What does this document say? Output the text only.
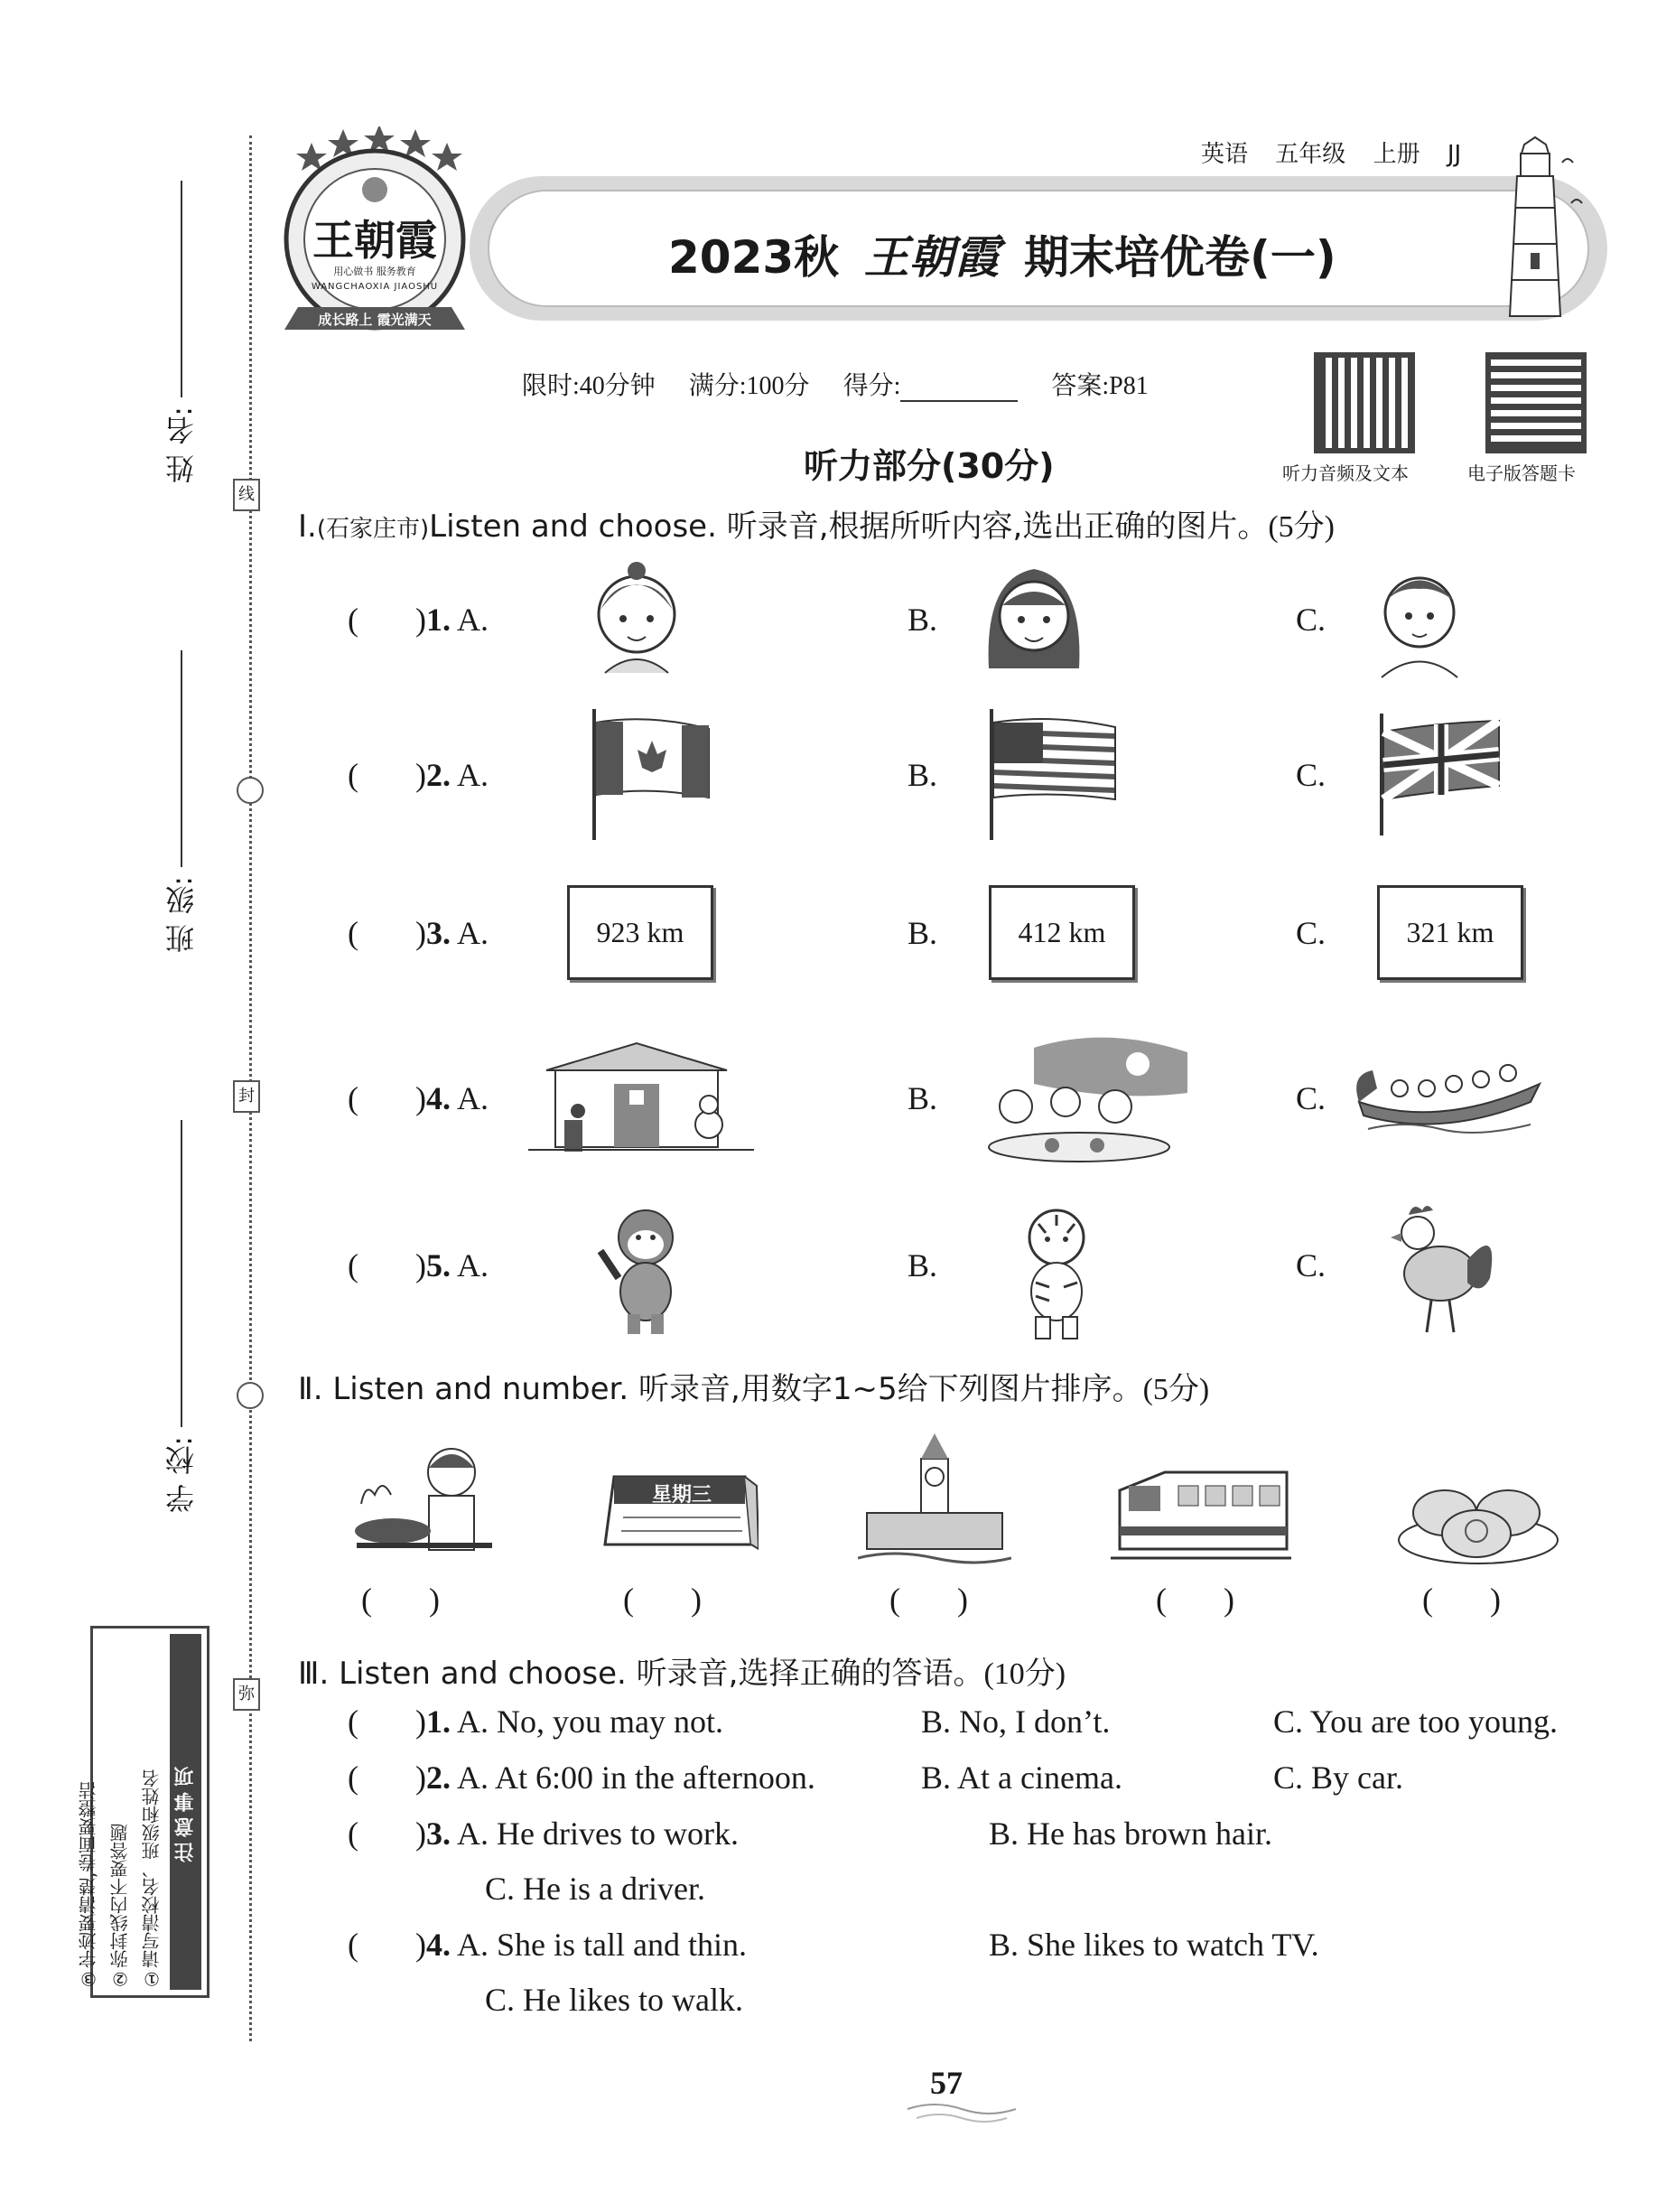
姓 名:
班 级:
学 校:
线
封
弥
注意事项
①请写清校名、班级和姓名
②弥封线内不要答题
③字迹要清楚,卷面要整洁
王朝霞
用心做书 服务教育
WANGCHAOXIA JIAOSHU
成长路上 霞光满天
2023秋 王朝霞 期末培优卷(一)
英语 五年级 上册 JJ
限时:40分钟 满分:100分 得分:	答案:P81
听力音频及文本	电子版答题卡
听力部分(30分)
Ⅰ.(石家庄市)Listen and choose. 听录音,根据所听内容,选出正确的图片。(5分)
(       )1. A.	B.	C.
(       )2. A.	B.	C.
(       )3. A.	923 km	B.	412 km	C.	321 km
(       )4. A.	B.	C.
(       )5. A.	B.	C.
Ⅱ. Listen and number. 听录音,用数字1~5给下列图片排序。(5分)
星期三
(       )	(       )	(       )	(       )	(       )
Ⅲ. Listen and choose. 听录音,选择正确的答语。(10分)
(       )1. A. No, you may not.	B. No, I don’t.	C. You are too young.
(       )2. A. At 6:00 in the afternoon.	B. At a cinema.	C. By car.
(       )3. A. He drives to work.	B. He has brown hair.
C. He is a driver.
(       )4. A. She is tall and thin.	B. She likes to watch TV.
C. He likes to walk.
57
